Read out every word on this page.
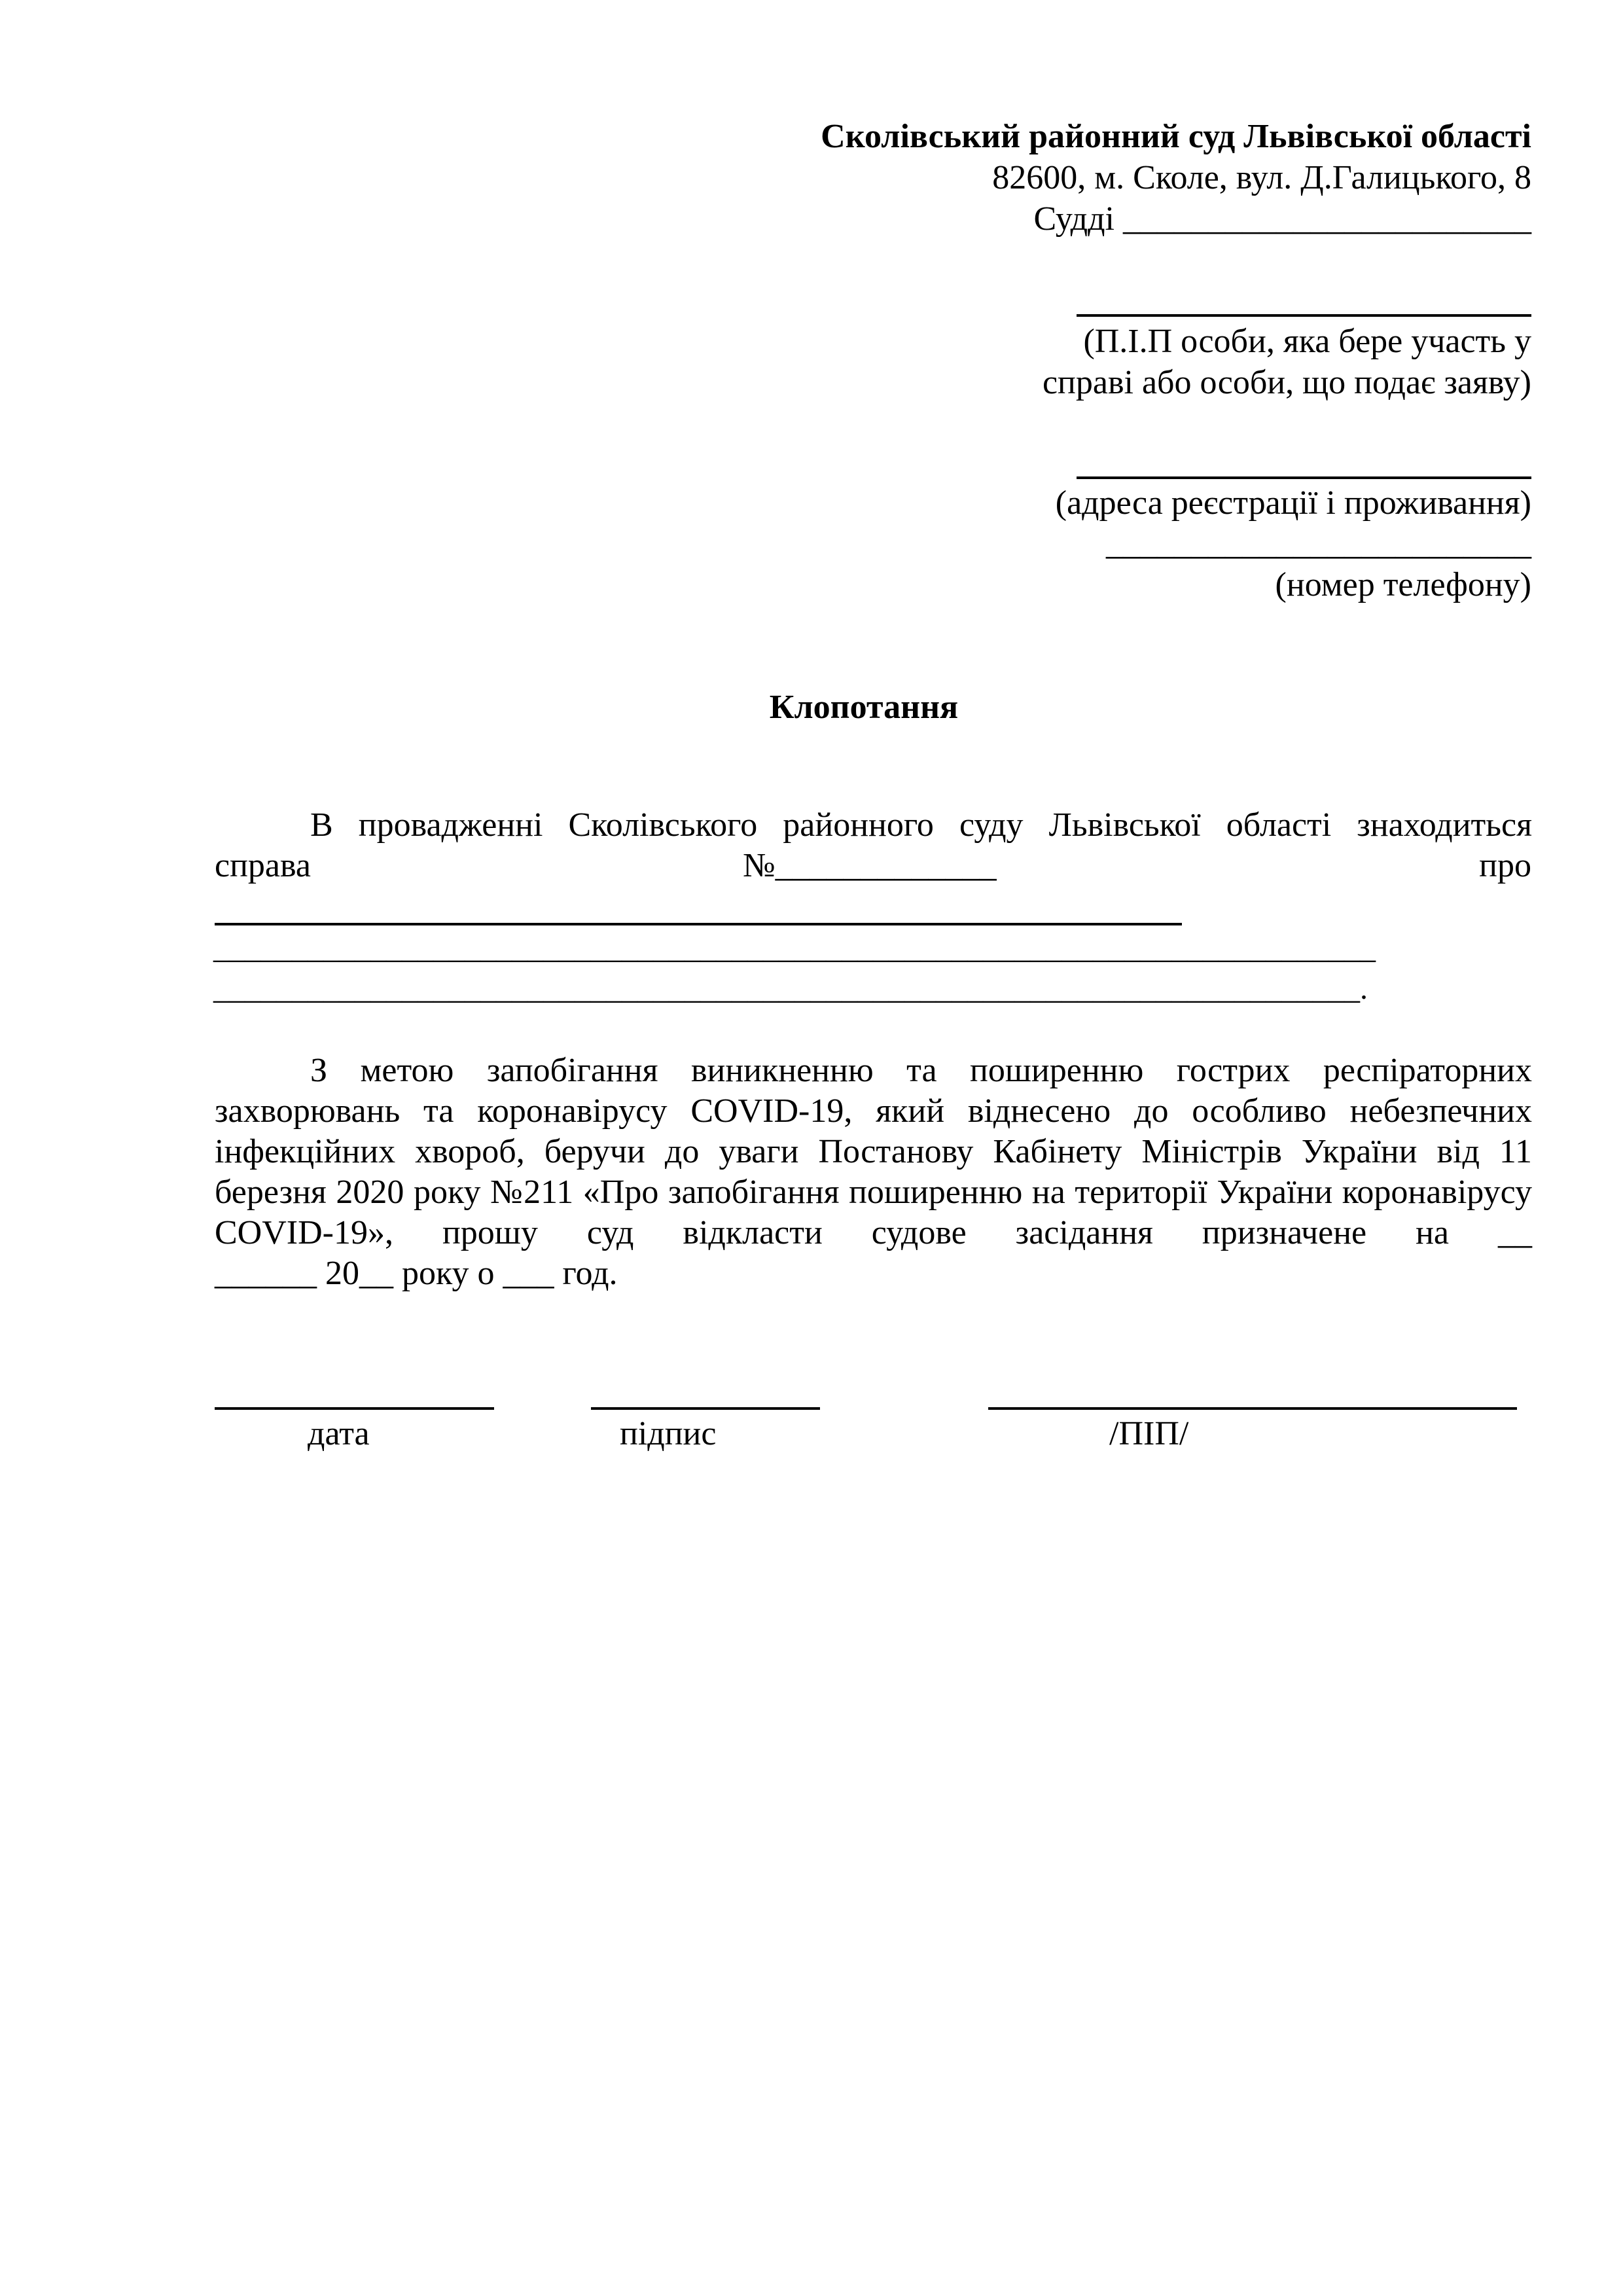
Сколівський районний суд Львівської області
82600, м. Сколе, вул. Д.Галицького, 8
Судді ________________________
(П.І.П особи, яка бере участь у
справі або особи, що подає заяву)
(адреса реєстрації і проживання)
_________________________
(номер телефону)
Клопотання
В провадженні Сколівського районного суду Львівської області знаходиться
справа	№_____________	про
__________________________________________________________________________
_________________________________________________________________________.
З метою запобігання виникненню та поширенню гострих респіраторних захворювань та коронавірусу COVID-19, який віднесено до особливо небезпечних інфекційних хвороб, беручи до уваги Постанову Кабінету Міністрів України від 11 березня 2020 року №211 «Про запобігання поширенню на території України коронавірусу COVID-19», прошу суд відкласти судове засідання призначене на __
______ 20__ року о ___ год.
дата	підпис	/ПІП/
